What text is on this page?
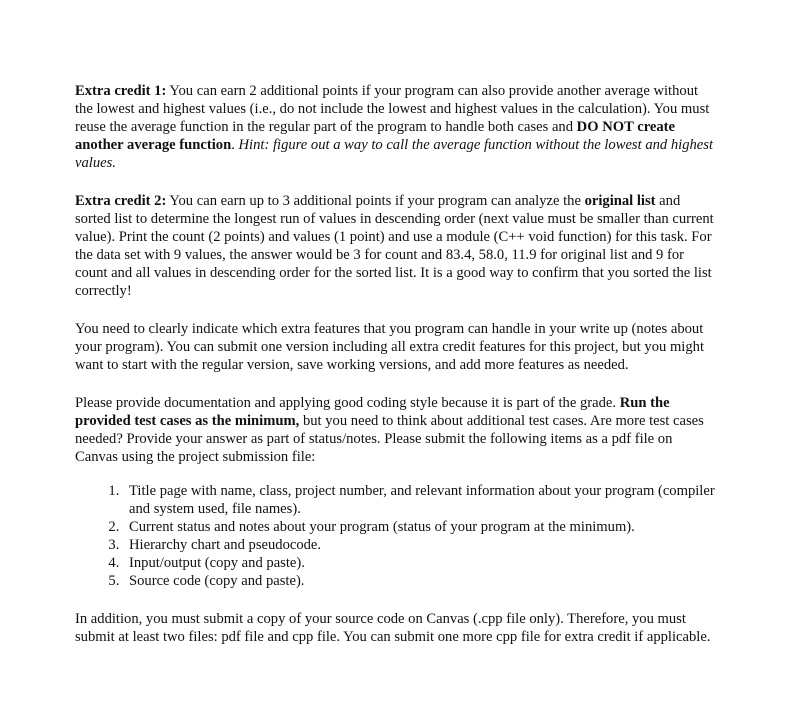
Extra credit 1: You can earn 2 additional points if your program can also provide another average without the lowest and highest values (i.e., do not include the lowest and highest values in the calculation). You must reuse the average function in the regular part of the program to handle both cases and DO NOT create another average function. Hint: figure out a way to call the average function without the lowest and highest values.

Extra credit 2: You can earn up to 3 additional points if your program can analyze the original list and sorted list to determine the longest run of values in descending order (next value must be smaller than current value). Print the count (2 points) and values (1 point) and use a module (C++ void function) for this task. For the data set with 9 values, the answer would be 3 for count and 83.4, 58.0, 11.9 for original list and 9 for count and all values in descending order for the sorted list. It is a good way to confirm that you sorted the list correctly!

You need to clearly indicate which extra features that you program can handle in your write up (notes about your program). You can submit one version including all extra credit features for this project, but you might want to start with the regular version, save working versions, and add more features as needed.

Please provide documentation and applying good coding style because it is part of the grade. Run the provided test cases as the minimum, but you need to think about additional test cases. Are more test cases needed? Provide your answer as part of status/notes. Please submit the following items as a pdf file on Canvas using the project submission file:

1. Title page with name, class, project number, and relevant information about your program (compiler and system used, file names).
2. Current status and notes about your program (status of your program at the minimum).
3. Hierarchy chart and pseudocode.
4. Input/output (copy and paste).
5. Source code (copy and paste).

In addition, you must submit a copy of your source code on Canvas (.cpp file only). Therefore, you must submit at least two files: pdf file and cpp file. You can submit one more cpp file for extra credit if applicable.
